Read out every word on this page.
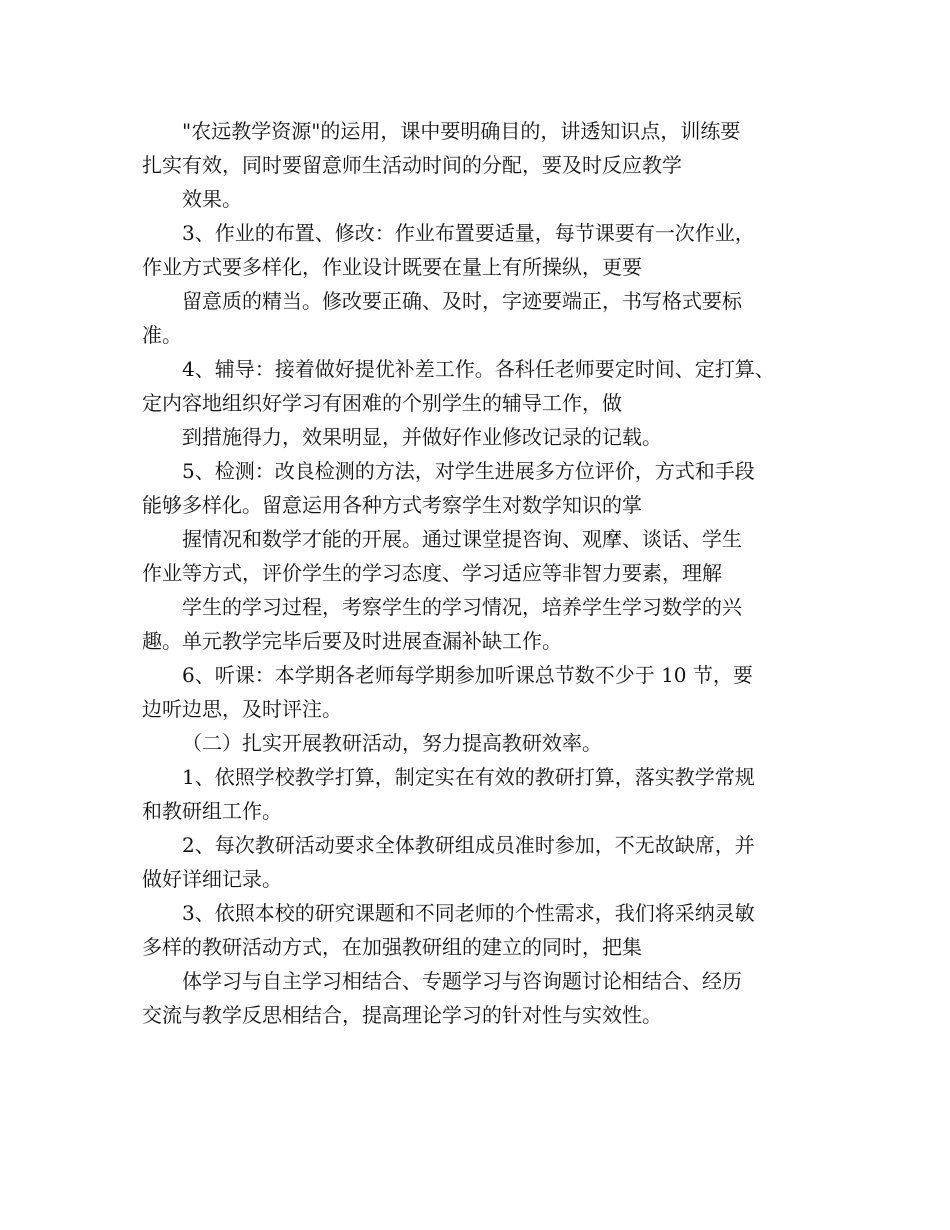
"农远教学资源"的运用，课中要明确目的，讲透知识点，训练要
扎实有效，同时要留意师生活动时间的分配，要及时反应教学
效果。
3、作业的布置、修改：作业布置要适量，每节课要有一次作业，
作业方式要多样化，作业设计既要在量上有所操纵，更要
留意质的精当。修改要正确、及时，字迹要端正，书写格式要标
准。
4、辅导：接着做好提优补差工作。各科任老师要定时间、定打算、
定内容地组织好学习有困难的个别学生的辅导工作，做
到措施得力，效果明显，并做好作业修改记录的记载。
5、检测：改良检测的方法，对学生进展多方位评价，方式和手段
能够多样化。留意运用各种方式考察学生对数学知识的掌
握情况和数学才能的开展。通过课堂提咨询、观摩、谈话、学生
作业等方式，评价学生的学习态度、学习适应等非智力要素，理解
学生的学习过程，考察学生的学习情况，培养学生学习数学的兴
趣。单元教学完毕后要及时进展查漏补缺工作。
6、听课：本学期各老师每学期参加听课总节数不少于 10 节，要
边听边思，及时评注。
（二）扎实开展教研活动，努力提高教研效率。
1、依照学校教学打算，制定实在有效的教研打算，落实教学常规
和教研组工作。
2、每次教研活动要求全体教研组成员准时参加，不无故缺席，并
做好详细记录。
3、依照本校的研究课题和不同老师的个性需求，我们将采纳灵敏
多样的教研活动方式，在加强教研组的建立的同时，把集
体学习与自主学习相结合、专题学习与咨询题讨论相结合、经历
交流与教学反思相结合，提高理论学习的针对性与实效性。
